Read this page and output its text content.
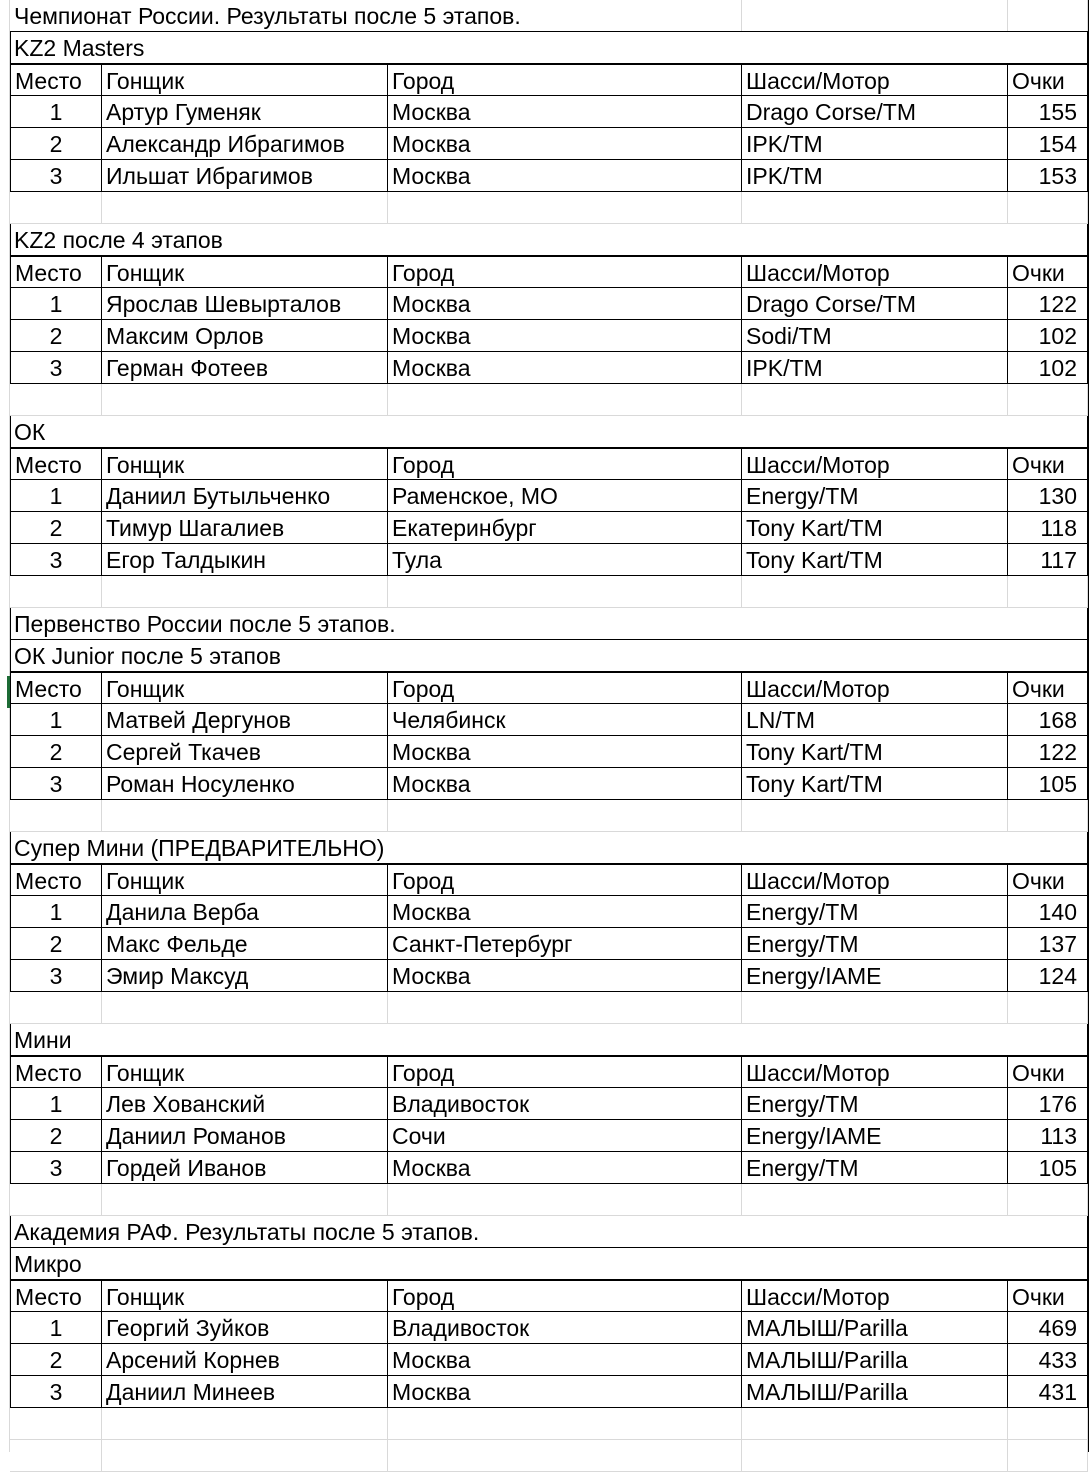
Чемпионат России. Результаты после 5 этапов.
KZ2 Masters
Место	Гонщик	Город	Шасси/Мотор	Очки
1	Артур Гуменяк	Москва	Drago Corse/TM	155
2	Александр Ибрагимов	Москва	IPK/TM	154
3	Ильшат Ибрагимов	Москва	IPK/TM	153
KZ2 после 4 этапов
Место	Гонщик	Город	Шасси/Мотор	Очки
1	Ярослав Шевырталов	Москва	Drago Corse/TM	122
2	Максим Орлов	Москва	Sodi/TM	102
3	Герман Фотеев	Москва	IPK/TM	102
ОК
Место	Гонщик	Город	Шасси/Мотор	Очки
1	Даниил Бутыльченко	Раменское, МО	Energy/TM	130
2	Тимур Шагалиев	Екатеринбург	Tony Kart/TM	118
3	Егор Талдыкин	Тула	Tony Kart/TM	117
Первенство России после 5 этапов.
ОК Junior после 5 этапов
Место	Гонщик	Город	Шасси/Мотор	Очки
1	Матвей Дергунов	Челябинск	LN/TM	168
2	Сергей Ткачев	Москва	Tony Kart/TM	122
3	Роман Носуленко	Москва	Tony Kart/TM	105
Супер Мини (ПРЕДВАРИТЕЛЬНО)
Место	Гонщик	Город	Шасси/Мотор	Очки
1	Данила Верба	Москва	Energy/TM	140
2	Макс Фельде	Санкт-Петербург	Energy/TM	137
3	Эмир Максуд	Москва	Energy/IAME	124
Мини
Место	Гонщик	Город	Шасси/Мотор	Очки
1	Лев Хованский	Владивосток	Energy/TM	176
2	Даниил Романов	Сочи	Energy/IAME	113
3	Гордей Иванов	Москва	Energy/TM	105
Академия РАФ. Результаты после 5 этапов.
Микро
Место	Гонщик	Город	Шасси/Мотор	Очки
1	Георгий Зуйков	Владивосток	МАЛЫШ/Parilla	469
2	Арсений Корнев	Москва	МАЛЫШ/Parilla	433
3	Даниил Минеев	Москва	МАЛЫШ/Parilla	431
